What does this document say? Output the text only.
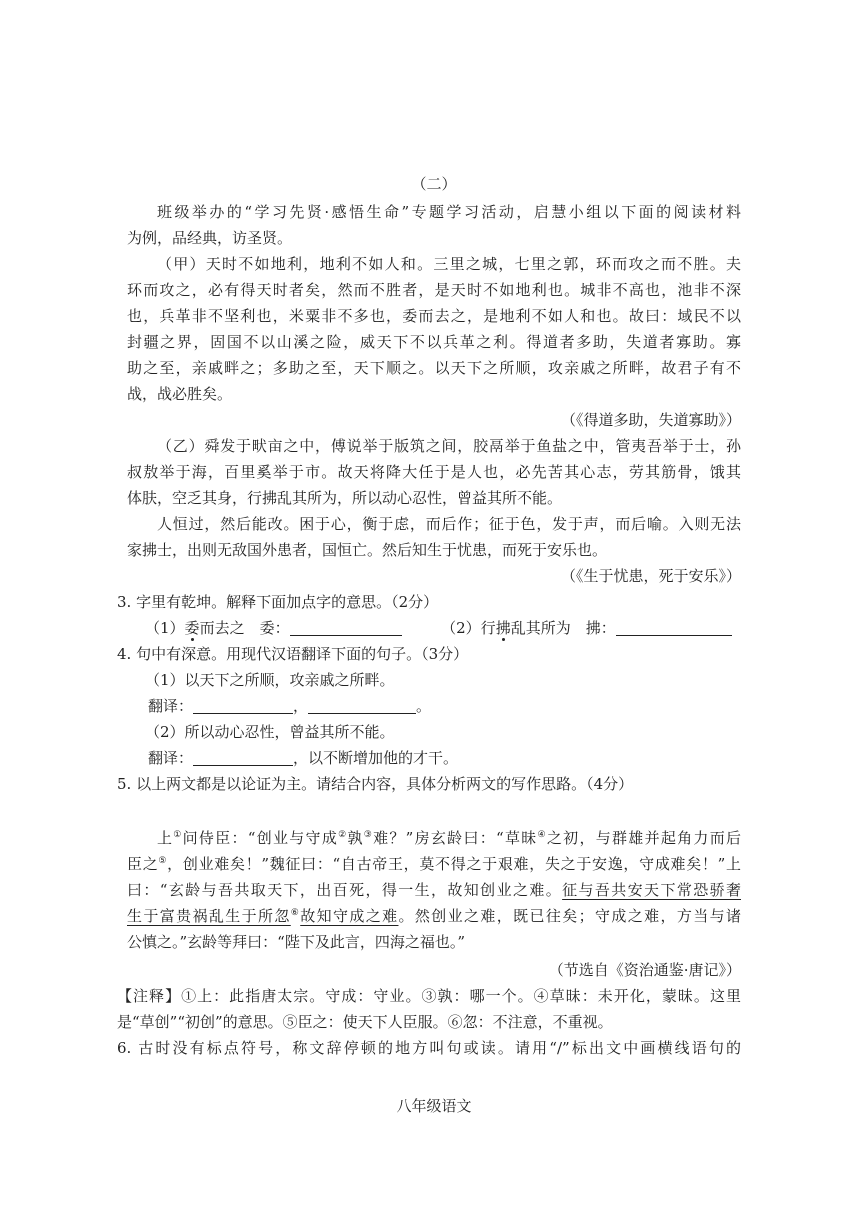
（二）
班级举办的“学习先贤·感悟生命”专题学习活动，启慧小组以下面的阅读材料
为例，品经典，访圣贤。
（甲）天时不如地利，地利不如人和。三里之城，七里之郭，环而攻之而不胜。夫
环而攻之，必有得天时者矣，然而不胜者，是天时不如地利也。城非不高也，池非不深
也，兵革非不坚利也，米粟非不多也，委而去之，是地利不如人和也。故曰：域民不以
封疆之界，固国不以山溪之险，威天下不以兵革之利。得道者多助，失道者寡助。寡
助之至，亲戚畔之；多助之至，天下顺之。以天下之所顺，攻亲戚之所畔，故君子有不
战，战必胜矣。
（《得道多助，失道寡助》）
（乙）舜发于畎亩之中，傅说举于版筑之间，胶鬲举于鱼盐之中，管夷吾举于士，孙
叔敖举于海，百里奚举于市。故天将降大任于是人也，必先苦其心志，劳其筋骨，饿其
体肤，空乏其身，行拂乱其所为，所以动心忍性，曾益其所不能。
人恒过，然后能改。困于心，衡于虑，而后作；征于色，发于声，而后喻。入则无法
家拂士，出则无敌国外患者，国恒亡。然后知生于忧患，而死于安乐也。
（《生于忧患，死于安乐》）
3. 字里有乾坤。解释下面加点字的意思。（2分）
（1）委而去之　委：	（2）行拂乱其所为　拂：
4. 句中有深意。用现代汉语翻译下面的句子。（3分）
（1）以天下之所顺，攻亲戚之所畔。
翻译：	，	。
（2）所以动心忍性，曾益其所不能。
翻译：	，以不断增加他的才干。
5. 以上两文都是以论证为主。请结合内容，具体分析两文的写作思路。（4分）
上①问侍臣：“创业与守成②孰③难？”房玄龄曰：“草昧④之初，与群雄并起角力而后
臣之⑤，创业难矣！”魏征曰：“自古帝王，莫不得之于艰难，失之于安逸，守成难矣！”上
曰：“玄龄与吾共取天下，出百死，得一生，故知创业之难。征与吾共安天下常恐骄奢
生于富贵祸乱生于所忽⑥故知守成之难。然创业之难，既已往矣；守成之难，方当与诸
公慎之。”玄龄等拜曰：“陛下及此言，四海之福也。”
（节选自《资治通鉴·唐记》）
【注释】①上：此指唐太宗。守成：守业。③孰：哪一个。④草昧：未开化，蒙昧。这里
是“草创”“初创”的意思。⑤臣之：使天下人臣服。⑥忽：不注意，不重视。
6. 古时没有标点符号，称文辞停顿的地方叫句或读。请用“/”标出文中画横线语句的
八年级语文
